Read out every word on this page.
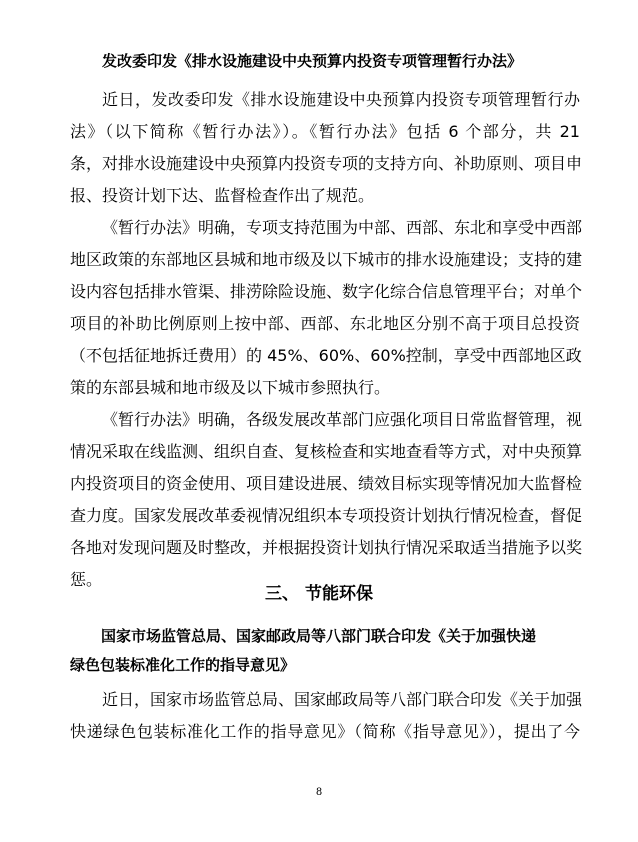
发改委印发《排水设施建设中央预算内投资专项管理暂行办法》
近日，发改委印发《排水设施建设中央预算内投资专项管理暂行办
法》（以下简称《暂行办法》）。《暂行办法》包括 6 个部分，共 21
条，对排水设施建设中央预算内投资专项的支持方向、补助原则、项目申
报、投资计划下达、监督检查作出了规范。
《暂行办法》明确，专项支持范围为中部、西部、东北和享受中西部
地区政策的东部地区县城和地市级及以下城市的排水设施建设；支持的建
设内容包括排水管渠、排涝除险设施、数字化综合信息管理平台；对单个
项目的补助比例原则上按中部、西部、东北地区分别不高于项目总投资
（不包括征地拆迁费用）的 45%、60%、60%控制，享受中西部地区政
策的东部县城和地市级及以下城市参照执行。
《暂行办法》明确，各级发展改革部门应强化项目日常监督管理，视
情况采取在线监测、组织自查、复核检查和实地查看等方式，对中央预算
内投资项目的资金使用、项目建设进展、绩效目标实现等情况加大监督检
查力度。国家发展改革委视情况组织本专项投资计划执行情况检查，督促
各地对发现问题及时整改，并根据投资计划执行情况采取适当措施予以奖
惩。
三、 节能环保
国家市场监管总局、国家邮政局等八部门联合印发《关于加强快递
绿色包装标准化工作的指导意见》
近日，国家市场监管总局、国家邮政局等八部门联合印发《关于加强
快递绿色包装标准化工作的指导意见》（简称《指导意见》），提出了今
8
